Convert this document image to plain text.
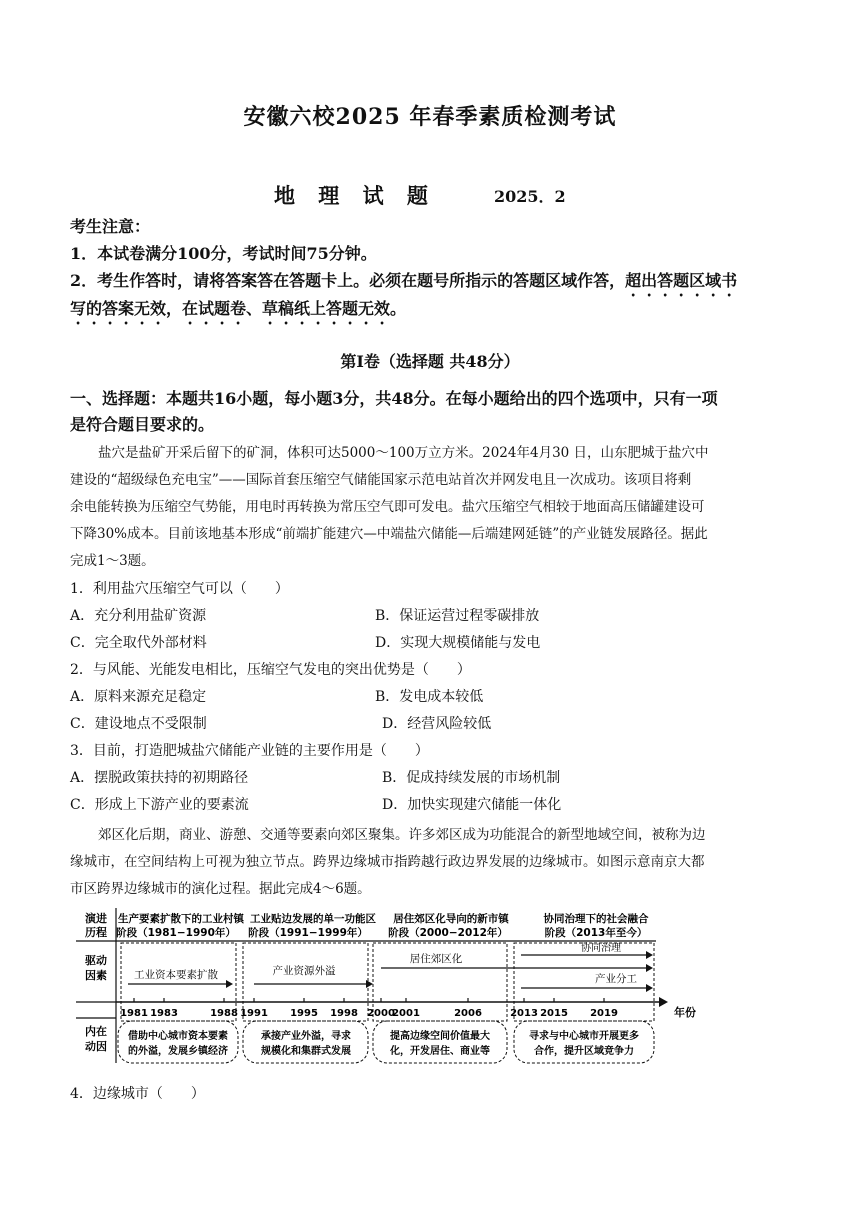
安徽六校2025 年春季素质检测考试
地 理 试 题	2025．2
考生注意：
1．本试卷满分100分，考试时间75分钟。
2．考生作答时，请将答案答在答题卡上。必须在题号所指示的答题区域作答，超出答题区域书
写的答案无效，在试题卷、草稿纸上答题无效。
第Ⅰ卷（选择题 共48分）
一、选择题：本题共16小题，每小题3分，共48分。在每小题给出的四个选项中，只有一项
是符合题目要求的。
盐穴是盐矿开采后留下的矿洞，体积可达5000～100万立方米。2024年4月30 日，山东肥城于盐穴中
建设的“超级绿色充电宝”——国际首套压缩空气储能国家示范电站首次并网发电且一次成功。该项目将剩
余电能转换为压缩空气势能，用电时再转换为常压空气即可发电。盐穴压缩空气相较于地面高压储罐建设可
下降30%成本。目前该地基本形成“前端扩能建穴—中端盐穴储能—后端建网延链”的产业链发展路径。据此
完成1～3题。
1．利用盐穴压缩空气可以（　　）
A．充分利用盐矿资源	B．保证运营过程零碳排放
C．完全取代外部材料	D．实现大规模储能与发电
2．与风能、光能发电相比，压缩空气发电的突出优势是（　　）
A．原料来源充足稳定	B．发电成本较低
C．建设地点不受限制	D．经营风险较低
3．目前，打造肥城盐穴储能产业链的主要作用是（　　）
A．摆脱政策扶持的初期路径	B．促成持续发展的市场机制
C．形成上下游产业的要素流	D．加快实现建穴储能一体化
郊区化后期，商业、游憩、交通等要素向郊区聚集。许多郊区成为功能混合的新型地域空间，被称为边
缘城市，在空间结构上可视为独立节点。跨界边缘城市指跨越行政边界发展的边缘城市。如图示意南京大都
市区跨界边缘城市的演化过程。据此完成4～6题。
演进
历程
驱动
因素
内在
动因
生产要素扩散下的工业村镇
阶段（1981−1990年）
工业贴边发展的单一功能区
阶段（1991−1999年）
居住郊区化导向的新市镇
阶段（2000−2012年）
协同治理下的社会融合
阶段（2013年至今）
工业资本要素扩散	产业资源外溢
居住郊区化
协同治理
产业分工
年份
1981 1983	1988 1991 1995 1998 2000
2001	2006	2013 2015 2019
借助中心城市资本要素
的外溢，发展乡镇经济
承接产业外溢，寻求
规模化和集群式发展
提高边缘空间价值最大
化，开发居住、商业等
寻求与中心城市开展更多
合作，提升区域竞争力
4．边缘城市（　　）
